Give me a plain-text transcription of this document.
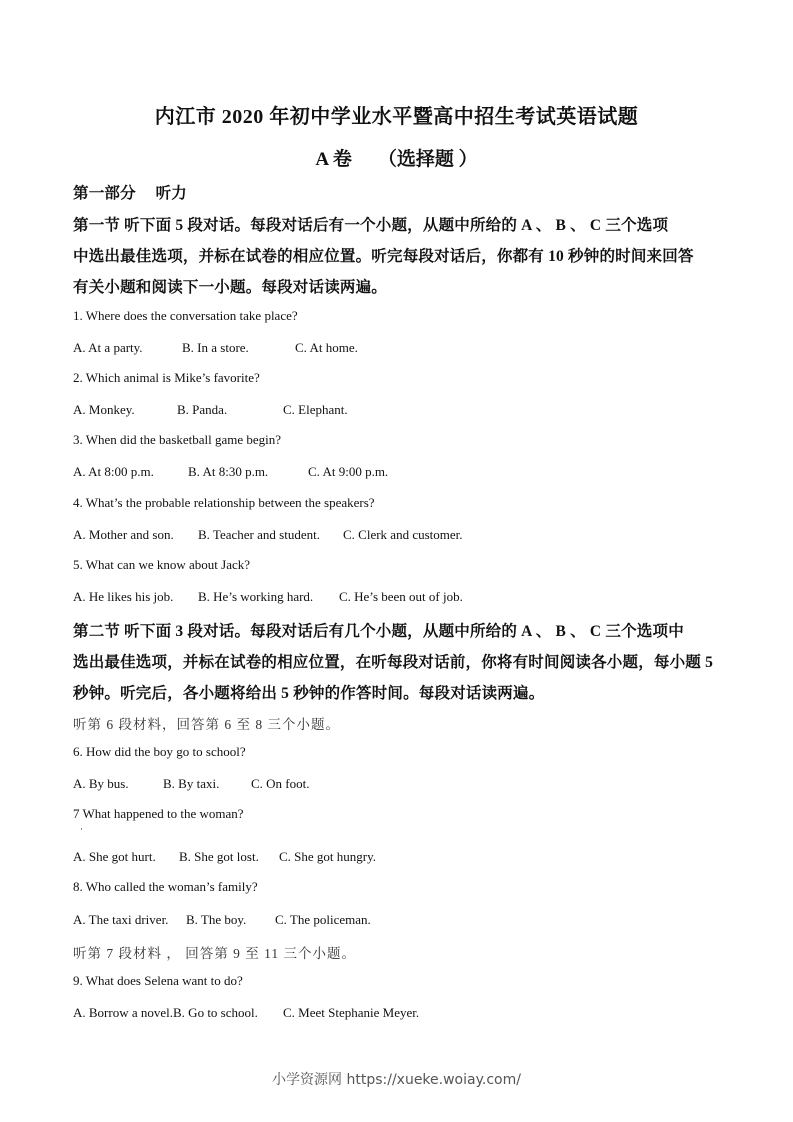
内江市 2020 年初中学业水平暨高中招生考试英语试题
A 卷 （选择题 ）
第一部分　 听力
第一节 听下面 5 段对话。每段对话后有一个小题，从题中所给的 A 、 B 、 C 三个选项
中选出最佳选项，并标在试卷的相应位置。听完每段对话后，你都有 10 秒钟的时间来回答
有关小题和阅读下一小题。每段对话读两遍。
1. Where does the conversation take place?
A. At a party.	B. In a store.	C. At home.
2. Which animal is Mike’s favorite?
A. Monkey.	B. Panda.	C. Elephant.
3. When did the basketball game begin?
A. At 8:00 p.m.	B. At 8:30 p.m.	C. At 9:00 p.m.
4. What’s the probable relationship between the speakers?
A. Mother and son. B. Teacher and student. C. Clerk and customer.
5. What can we know about Jack?
A. He likes his job. B. He’s working hard. C. He’s been out of job.
第二节 听下面 3 段对话。每段对话后有几个小题，从题中所给的 A 、 B 、 C 三个选项中
选出最佳选项，并标在试卷的相应位置，在听每段对话前，你将有时间阅读各小题，每小题 5
秒钟。听完后，各小题将给出 5 秒钟的作答时间。每段对话读两遍。
听第 6 段材料，回答第 6 至 8 三个小题。
6. How did the boy go to school?
A. By bus.	B. By taxi. C. On foot.
7 What happened to the woman?
A. She got hurt. B. She got lost. C. She got hungry.
8. Who called the woman’s family?
A. The taxi driver. B. The boy. C. The policeman.
听第 7 段材料 ， 回答第 9 至 11 三个小题。
9. What does Selena want to do?
A. Borrow a novel.B. Go to school. C. Meet Stephanie Meyer.
小学资源网 https://xueke.woiay.com/
